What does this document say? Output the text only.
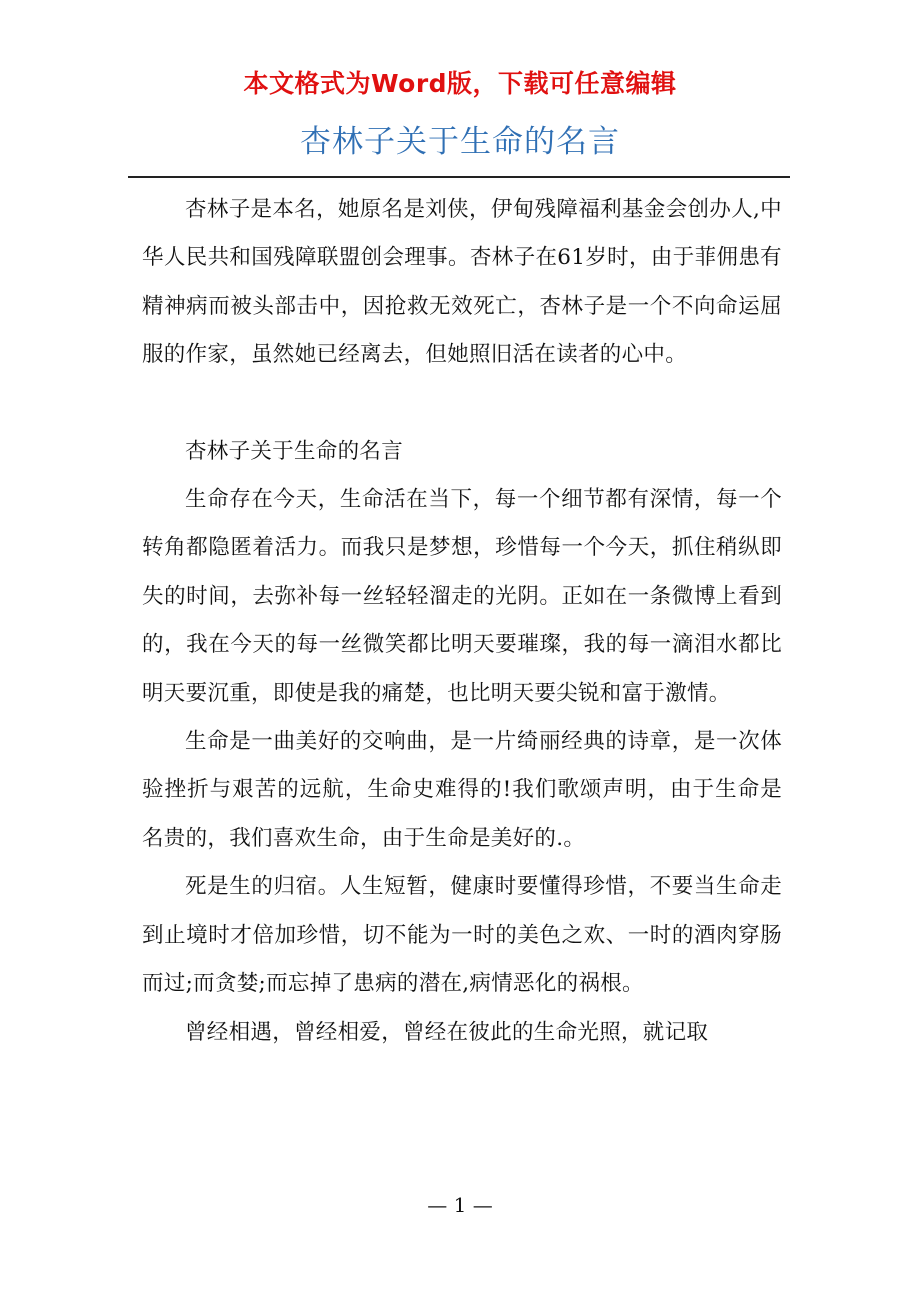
本文格式为Word版，下载可任意编辑
杏林子关于生命的名言

杏林子是本名，她原名是刘侠，伊甸残障福利基金会创办人,中华人民共和国残障联盟创会理事。杏林子在61岁时，由于菲佣患有精神病而被头部击中，因抢救无效死亡，杏林子是一个不向命运屈服的作家，虽然她已经离去，但她照旧活在读者的心中。

杏林子关于生命的名言

生命存在今天，生命活在当下，每一个细节都有深情，每一个转角都隐匿着活力。而我只是梦想，珍惜每一个今天，抓住稍纵即失的时间，去弥补每一丝轻轻溜走的光阴。正如在一条微博上看到的，我在今天的每一丝微笑都比明天要璀璨，我的每一滴泪水都比明天要沉重，即使是我的痛楚，也比明天要尖锐和富于激情。

生命是一曲美好的交响曲，是一片绮丽经典的诗章，是一次体验挫折与艰苦的远航，生命史难得的!我们歌颂声明，由于生命是名贵的，我们喜欢生命，由于生命是美好的.。

死是生的归宿。人生短暂，健康时要懂得珍惜，不要当生命走到止境时才倍加珍惜，切不能为一时的美色之欢、一时的酒肉穿肠而过;而贪婪;而忘掉了患病的潜在,病情恶化的祸根。

曾经相遇，曾经相爱，曾经在彼此的生命光照，就记取

— 1 —
